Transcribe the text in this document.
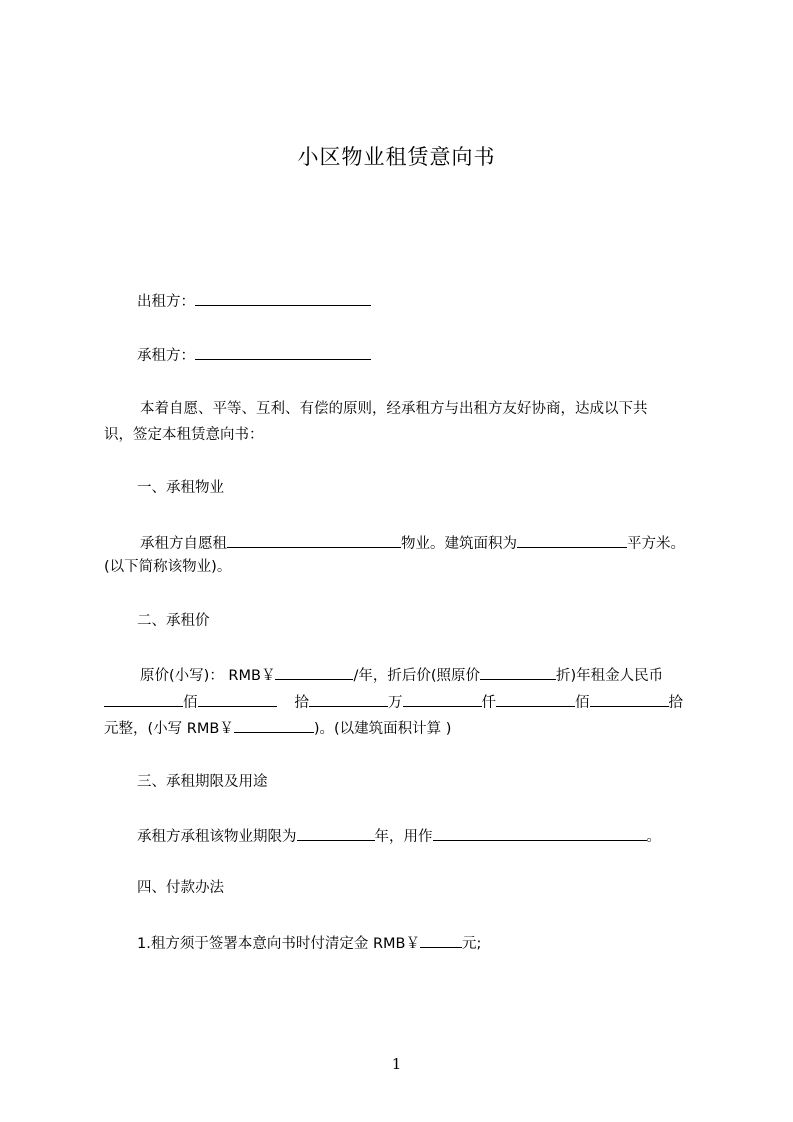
小区物业租赁意向书
出租方：
承租方：
本着自愿、平等、互利、有偿的原则，经承租方与出租方友好协商，达成以下共
识，签定本租赁意向书：
一、承租物业
承租方自愿租	物业。建筑面积为	平方米。
(以下简称该物业)。
二、承租价
原价(小写)： RMB￥	/年，折后价(照原价	折)年租金人民币
佰	拾	万	仟	佰	拾
元整，(小写 RMB￥	)。(以建筑面积计算 )
三、承租期限及用途
承租方承租该物业期限为	年，用作	。
四、付款办法
1.租方须于签署本意向书时付清定金 RMB￥	元;
1
